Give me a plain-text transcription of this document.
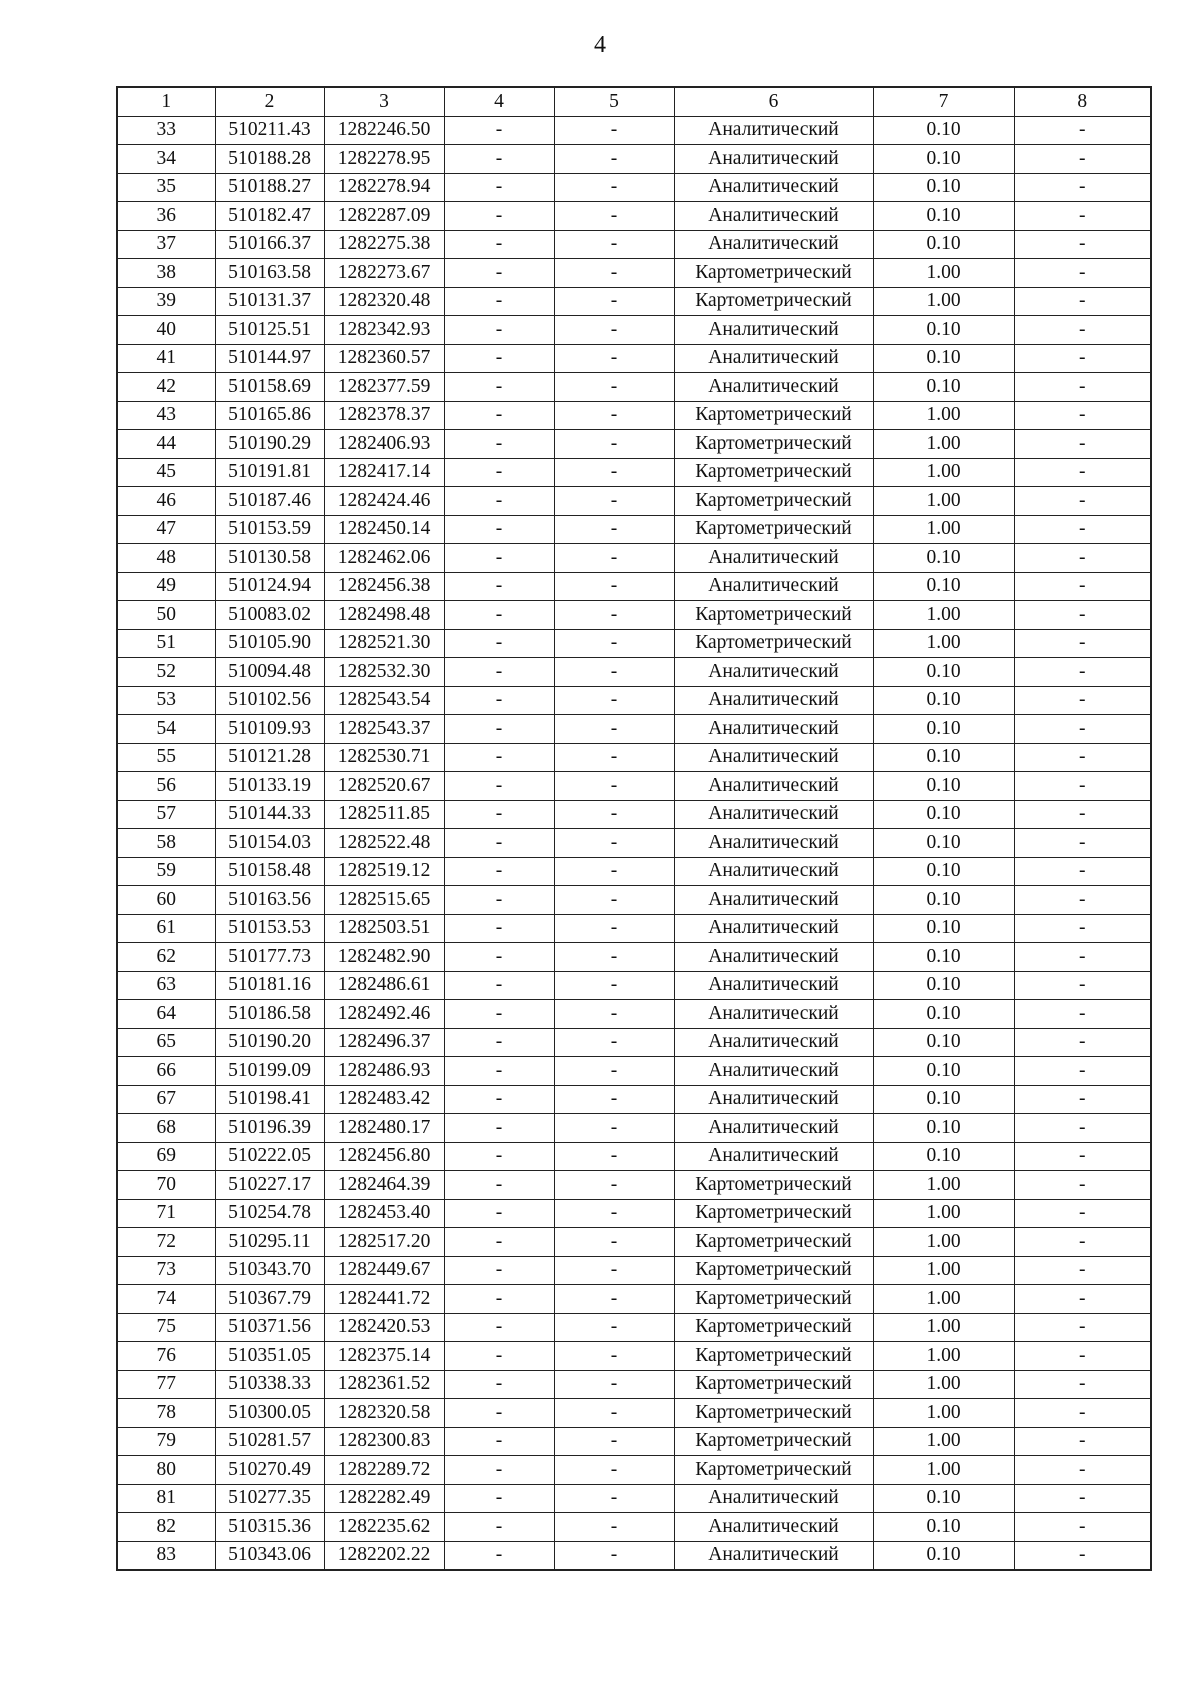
4
1	2	3	4	5	6	7	8
33	510211.43	1282246.50	-	-	Аналитический	0.10	-
34	510188.28	1282278.95	-	-	Аналитический	0.10	-
35	510188.27	1282278.94	-	-	Аналитический	0.10	-
36	510182.47	1282287.09	-	-	Аналитический	0.10	-
37	510166.37	1282275.38	-	-	Аналитический	0.10	-
38	510163.58	1282273.67	-	-	Картометрический	1.00	-
39	510131.37	1282320.48	-	-	Картометрический	1.00	-
40	510125.51	1282342.93	-	-	Аналитический	0.10	-
41	510144.97	1282360.57	-	-	Аналитический	0.10	-
42	510158.69	1282377.59	-	-	Аналитический	0.10	-
43	510165.86	1282378.37	-	-	Картометрический	1.00	-
44	510190.29	1282406.93	-	-	Картометрический	1.00	-
45	510191.81	1282417.14	-	-	Картометрический	1.00	-
46	510187.46	1282424.46	-	-	Картометрический	1.00	-
47	510153.59	1282450.14	-	-	Картометрический	1.00	-
48	510130.58	1282462.06	-	-	Аналитический	0.10	-
49	510124.94	1282456.38	-	-	Аналитический	0.10	-
50	510083.02	1282498.48	-	-	Картометрический	1.00	-
51	510105.90	1282521.30	-	-	Картометрический	1.00	-
52	510094.48	1282532.30	-	-	Аналитический	0.10	-
53	510102.56	1282543.54	-	-	Аналитический	0.10	-
54	510109.93	1282543.37	-	-	Аналитический	0.10	-
55	510121.28	1282530.71	-	-	Аналитический	0.10	-
56	510133.19	1282520.67	-	-	Аналитический	0.10	-
57	510144.33	1282511.85	-	-	Аналитический	0.10	-
58	510154.03	1282522.48	-	-	Аналитический	0.10	-
59	510158.48	1282519.12	-	-	Аналитический	0.10	-
60	510163.56	1282515.65	-	-	Аналитический	0.10	-
61	510153.53	1282503.51	-	-	Аналитический	0.10	-
62	510177.73	1282482.90	-	-	Аналитический	0.10	-
63	510181.16	1282486.61	-	-	Аналитический	0.10	-
64	510186.58	1282492.46	-	-	Аналитический	0.10	-
65	510190.20	1282496.37	-	-	Аналитический	0.10	-
66	510199.09	1282486.93	-	-	Аналитический	0.10	-
67	510198.41	1282483.42	-	-	Аналитический	0.10	-
68	510196.39	1282480.17	-	-	Аналитический	0.10	-
69	510222.05	1282456.80	-	-	Аналитический	0.10	-
70	510227.17	1282464.39	-	-	Картометрический	1.00	-
71	510254.78	1282453.40	-	-	Картометрический	1.00	-
72	510295.11	1282517.20	-	-	Картометрический	1.00	-
73	510343.70	1282449.67	-	-	Картометрический	1.00	-
74	510367.79	1282441.72	-	-	Картометрический	1.00	-
75	510371.56	1282420.53	-	-	Картометрический	1.00	-
76	510351.05	1282375.14	-	-	Картометрический	1.00	-
77	510338.33	1282361.52	-	-	Картометрический	1.00	-
78	510300.05	1282320.58	-	-	Картометрический	1.00	-
79	510281.57	1282300.83	-	-	Картометрический	1.00	-
80	510270.49	1282289.72	-	-	Картометрический	1.00	-
81	510277.35	1282282.49	-	-	Аналитический	0.10	-
82	510315.36	1282235.62	-	-	Аналитический	0.10	-
83	510343.06	1282202.22	-	-	Аналитический	0.10	-
